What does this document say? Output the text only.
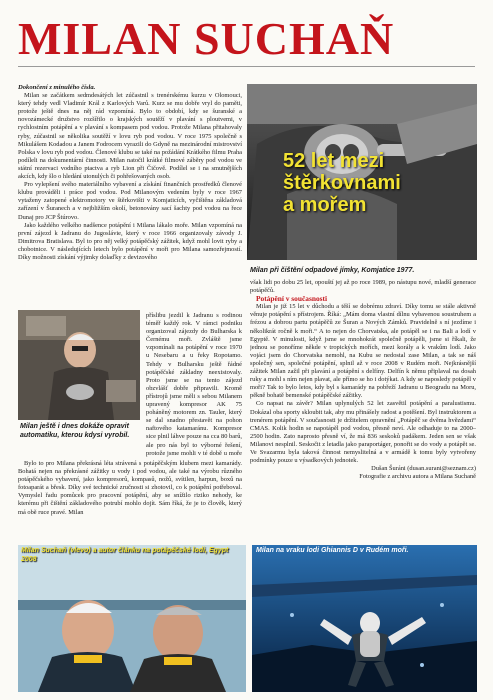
MILAN SUCHAŇ

Dokončení z minulého čísla.

Milan se začátkem sedmdesátých let zúčastnil s trenérskému kurzu v Olomouci, který tehdy vedl Vladimír Král z Karlových Varů. Kurz se mu dobře vryl do paměti, protože ještě dnes na něj rád vzpomíná. Bylo to období, kdy se šuranské a novozámecké družstvo rozšířilo o krajských soutěží v plavání s ploutvemi, v rychlostním potápění a v plavání s kompasem pod vodou. Protože Milana přitahovaly ryby, zúčastnil se několika soutěží v lovu ryb pod vodou. V roce 1975 společně s Mikulášem Kodadou a Janem Fodrocem vyrazili do Gdyně na mezinárodní mistrovství Polska v lovu ryb pod vodou. Členové klubu se také na požádání Krátkého filmu Praha podíleli na dokumentární činnosti. Milan natočil krátké filmové záběry pod vodou ve státní rezervaci vodního ptactva a ryb Lion při Čičově. Podílel se i na smutnějších akcích, kdy šlo o hledání utonulých či pohřešovaných osob.

Pro vylepšení svého materiálního vybavení a získání finančních prostředků členové klubu prováděli i práce pod vodou. Pod Milanovým vedením byly v roce 1967 vytaženy zatopené elektromotory ve štěrkovišti v Komjaticích, vyčištěna základová zařízení v Šuranech a v nejbližším okolí, betonovány sací šachty pod vodou na řece Dunaj pro JCP Štúrovo.

Jako každého velkého nadšence potápění i Milana lákalo moře. Milan vzpomíná na první zájezd k Jadranu do Jugoslávie, který v roce 1966 organizovaly závody J. Dimitrova Bratislava. Byl to pro něj velký potápěčský zážitek, když mohl lovit ryby a chobotnice. V následujících letech bylo potápění v moři pro Milana samozřejmostí. Díky možnosti získání výjimky dolaďky z devizového

52 let mezi
štěrkovnami
a mořem
Milan při čištění odpadové jímky, Komjatice 1977.
Milan ještě i dnes dokáže opravit automatiku, kterou kdysi vyrobil.

příslibu jezdil k Jadranu s rodinou téměř každý rok. V rámci podniku organizoval zájezdy do Bulharska k Černému moři. Zvláště jsme vzpomínali na potápění v roce 1970 u Nesebaru a u řeky Ropotamo. Tehdy v Bulharsku ještě řádné potápěčské základny neexistovaly. Proto jsme se na tento zájezd obzvlášť dobře připravili. Kromě přístrojů jsme měli s sebou Milanem upravený kompresor AK 75 poháněný motorem zn. Tauler, který se dal snadno přestavět na pohon naftového katamaránu. Kompresor sice plnil láhve pouze na cca 80 barů, ale pro nás byl to výborné řešení, protože jsme mohli v té době u moře

Bylo to pro Milana překrásná léta strávená s potápěčským klubem mezi kamarády. Bohatá nejen na překrásné zážitky u vody i pod vodou, ale také na výrobu různého potápěčského vybavení, jako kompresorů, kompasů, nožů, svítilen, harpun, boxů na fotoaparát a břesk. Díky své technické zručnosti si zhotovil, co k potápění potřeboval. Vymyslel řadu pomůcek pro pracovní potápění, aby se snížilo riziko nehody, ke kterému při čištění základového potrubí mohlo dojít. Sám říká, že je to člověk, který má obě ruce pravé. Milan

však lidi po dobu 25 let, opouští jej až po roce 1989, po nástupu nové, mladší generace potápěčů.

Potápění v současnosti

Milan je již 15 let v důchodu a těší se dobrému zdraví. Díky tomu se stále aktivně věnuje potápění s přístrojem. Říká: „Mám doma vlastní dílnu vybavenou soustruhem a frézou a dobrou partu potápěčů ze Šuran a Nových Zámků. Pravidelně s ní jezdíme i několikrát ročně k moři.“ A to nejen do Chorvatska, ale potápěl se i na Bali a lodí v Egyptě. V minulosti, když jsme se mnohokrát společně potápěli, jsme si říkali, že jednou se ponoříme někde v tropických mořích, mezi korály a k vrakům lodí. Jako vojáci jsem do Chorvatska nemohl, na Kubu se nedostal zase Milan, a tak se náš společný sen, společné potápění, splnil až v roce 2008 v Rudém moři. Nejkrásnější zážitek Milan zažil při plavání a potápění s delfíny. Delfín k němu připlaval na dosah ruky a mohl s ním nejen plavat, ale přímo se ho i dotýkat. A kdy se naposledy potápěl v moři? Tak to bylo letos, kdy byl s kamarády na pobřeží Jadranu u Beogradu na Moru, pěkně bohatě bemenské potápěčské zážitky.

Co napsat na závěr? Milan uplynulých 52 let zasvětil potápění a paralustismu. Dokázal oba sporty skloubit tak, aby mu přinášely radost a potěšení. Byl instruktorem a trenérem potápění. V současnosti je držitelem opravnění „Potápěč se dvěma hvězdami“ CMAS. Kolik hodin se napotápěl pod vodou, přesně neví. Ale odhaduje to na 2000–2500 hodin. Zato naprosto přesně ví, že má 836 seskoků padákem. Jeden sen se však Milanovi nesplnil. Seskočit z letadla jako paraportáger, ponořit se do vody a potápět se. Ve Svazarmu byla taková činnost nemyslitelná a v armádě k tomu byly vytvořeny podmínky pouze u výsadkových jednotek.

Dušan Šuráni (dusan.surani@seznam.cz)

Fotografie z archivu autora a Milana Suchaně

Milan Suchaň (vlevo) a autor článku na potápěčské lodi, Egypt 2008
Milan na vraku lodi Ghiannis D v Rudém moři.
